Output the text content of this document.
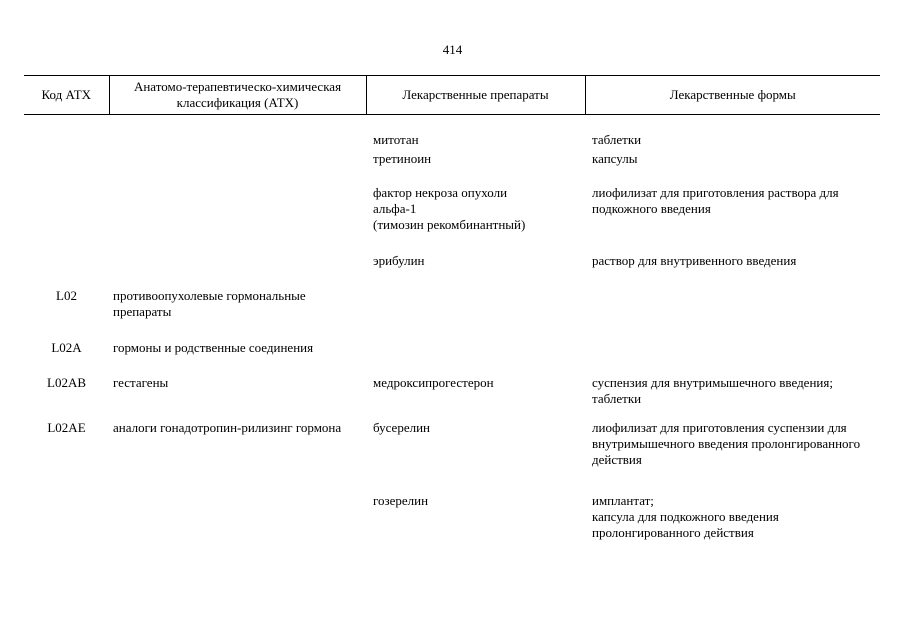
414
Код АТХ	Анатомо-терапевтическо-химическая классификация (АТХ)	Лекарственные препараты	Лекарственные формы
		митотан	таблетки
		третиноин	капсулы
		фактор некроза опухоли
альфа-1
(тимозин рекомбинантный)	лиофилизат для приготовления раствора для подкожного введения
		эрибулин	раствор для внутривенного введения
L02	противоопухолевые гормональные препараты		
L02A	гормоны и родственные соединения		
L02AB	гестагены	медроксипрогестерон	суспензия для внутримышечного введения;
таблетки
L02AE	аналоги гонадотропин-рилизинг гормона	бусерелин	лиофилизат для приготовления суспензии для внутримышечного введения пролонгированного действия
		гозерелин	имплантат;
капсула для подкожного введения пролонгированного действия
